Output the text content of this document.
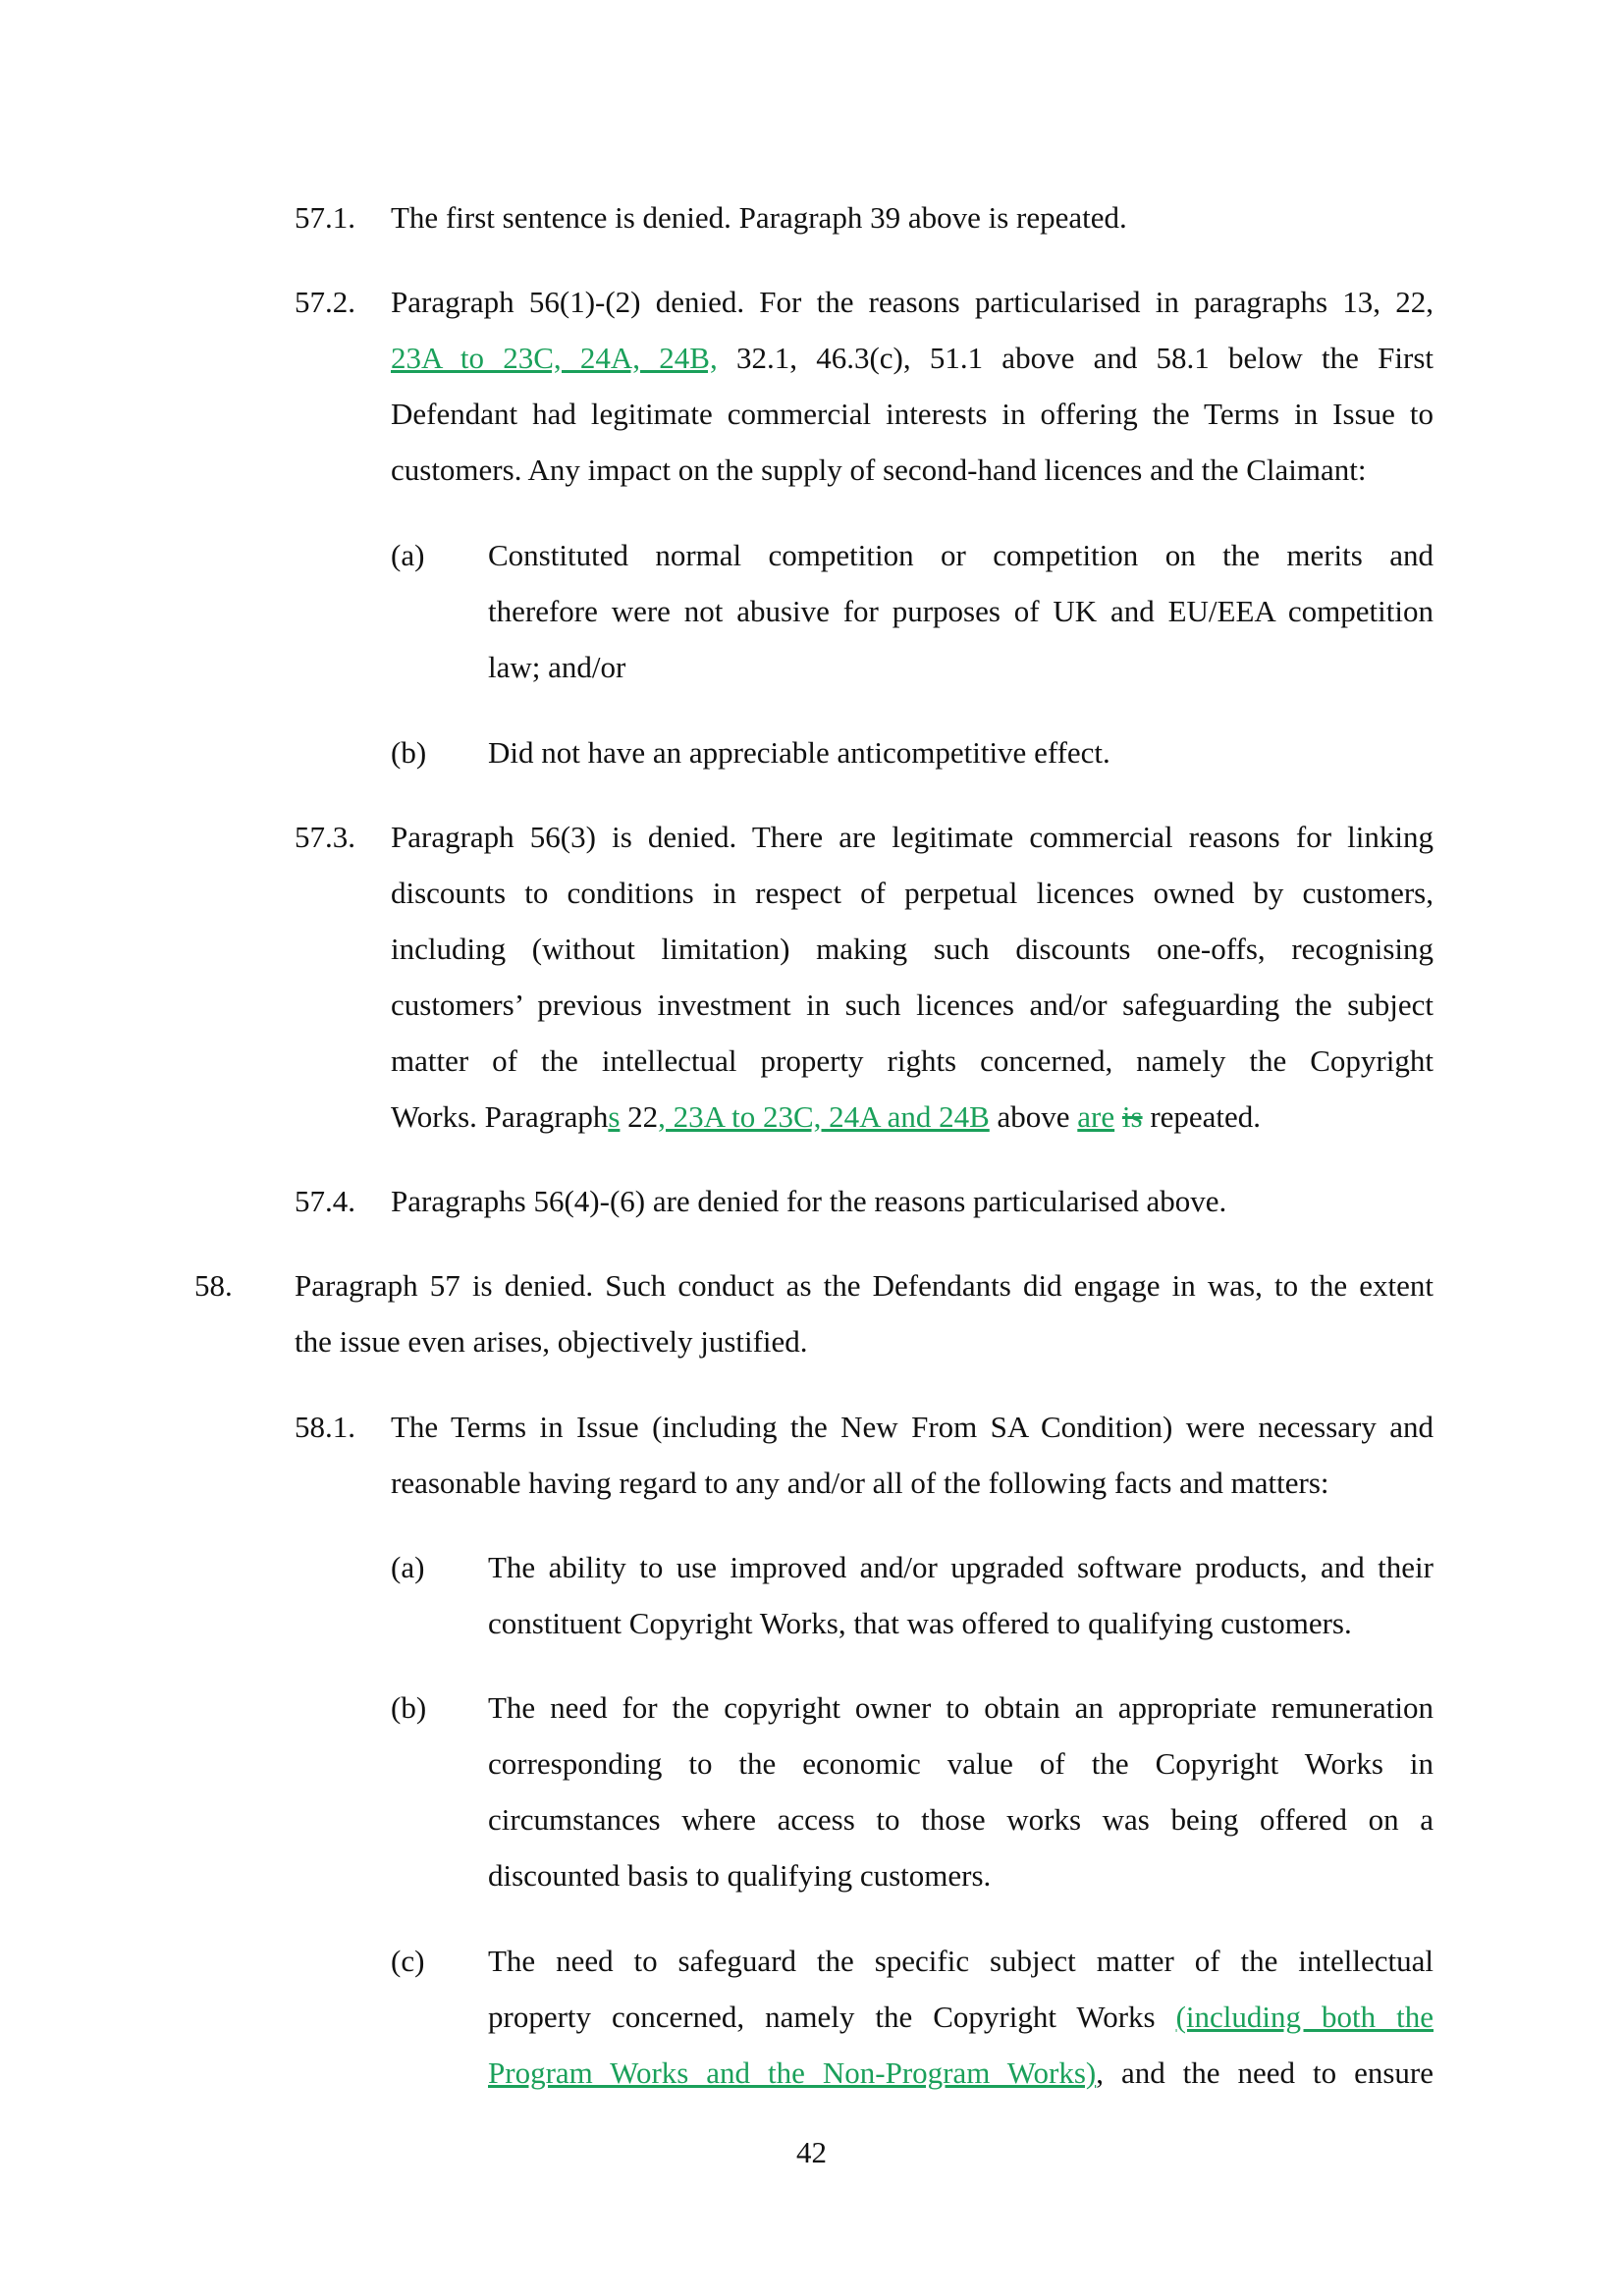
57.1. The first sentence is denied. Paragraph 39 above is repeated.
57.2. Paragraph 56(1)-(2) denied. For the reasons particularised in paragraphs 13, 22,
23A to 23C, 24A, 24B, 32.1, 46.3(c), 51.1 above and 58.1 below the First
Defendant had legitimate commercial interests in offering the Terms in Issue to
customers. Any impact on the supply of second-hand licences and the Claimant:
(a) Constituted normal competition or competition on the merits and
therefore were not abusive for purposes of UK and EU/EEA competition
law; and/or
(b) Did not have an appreciable anticompetitive effect.
57.3. Paragraph 56(3) is denied. There are legitimate commercial reasons for linking
discounts to conditions in respect of perpetual licences owned by customers,
including (without limitation) making such discounts one-offs, recognising
customers’ previous investment in such licences and/or safeguarding the subject
matter of the intellectual property rights concerned, namely the Copyright
Works. Paragraphs 22, 23A to 23C, 24A and 24B above are is repeated.
57.4. Paragraphs 56(4)-(6) are denied for the reasons particularised above.
58. Paragraph 57 is denied. Such conduct as the Defendants did engage in was, to the extent
the issue even arises, objectively justified.
58.1. The Terms in Issue (including the New From SA Condition) were necessary and
reasonable having regard to any and/or all of the following facts and matters:
(a) The ability to use improved and/or upgraded software products, and their
constituent Copyright Works, that was offered to qualifying customers.
(b) The need for the copyright owner to obtain an appropriate remuneration
corresponding to the economic value of the Copyright Works in
circumstances where access to those works was being offered on a
discounted basis to qualifying customers.
(c) The need to safeguard the specific subject matter of the intellectual
property concerned, namely the Copyright Works (including both the
Program Works and the Non-Program Works), and the need to ensure
42
